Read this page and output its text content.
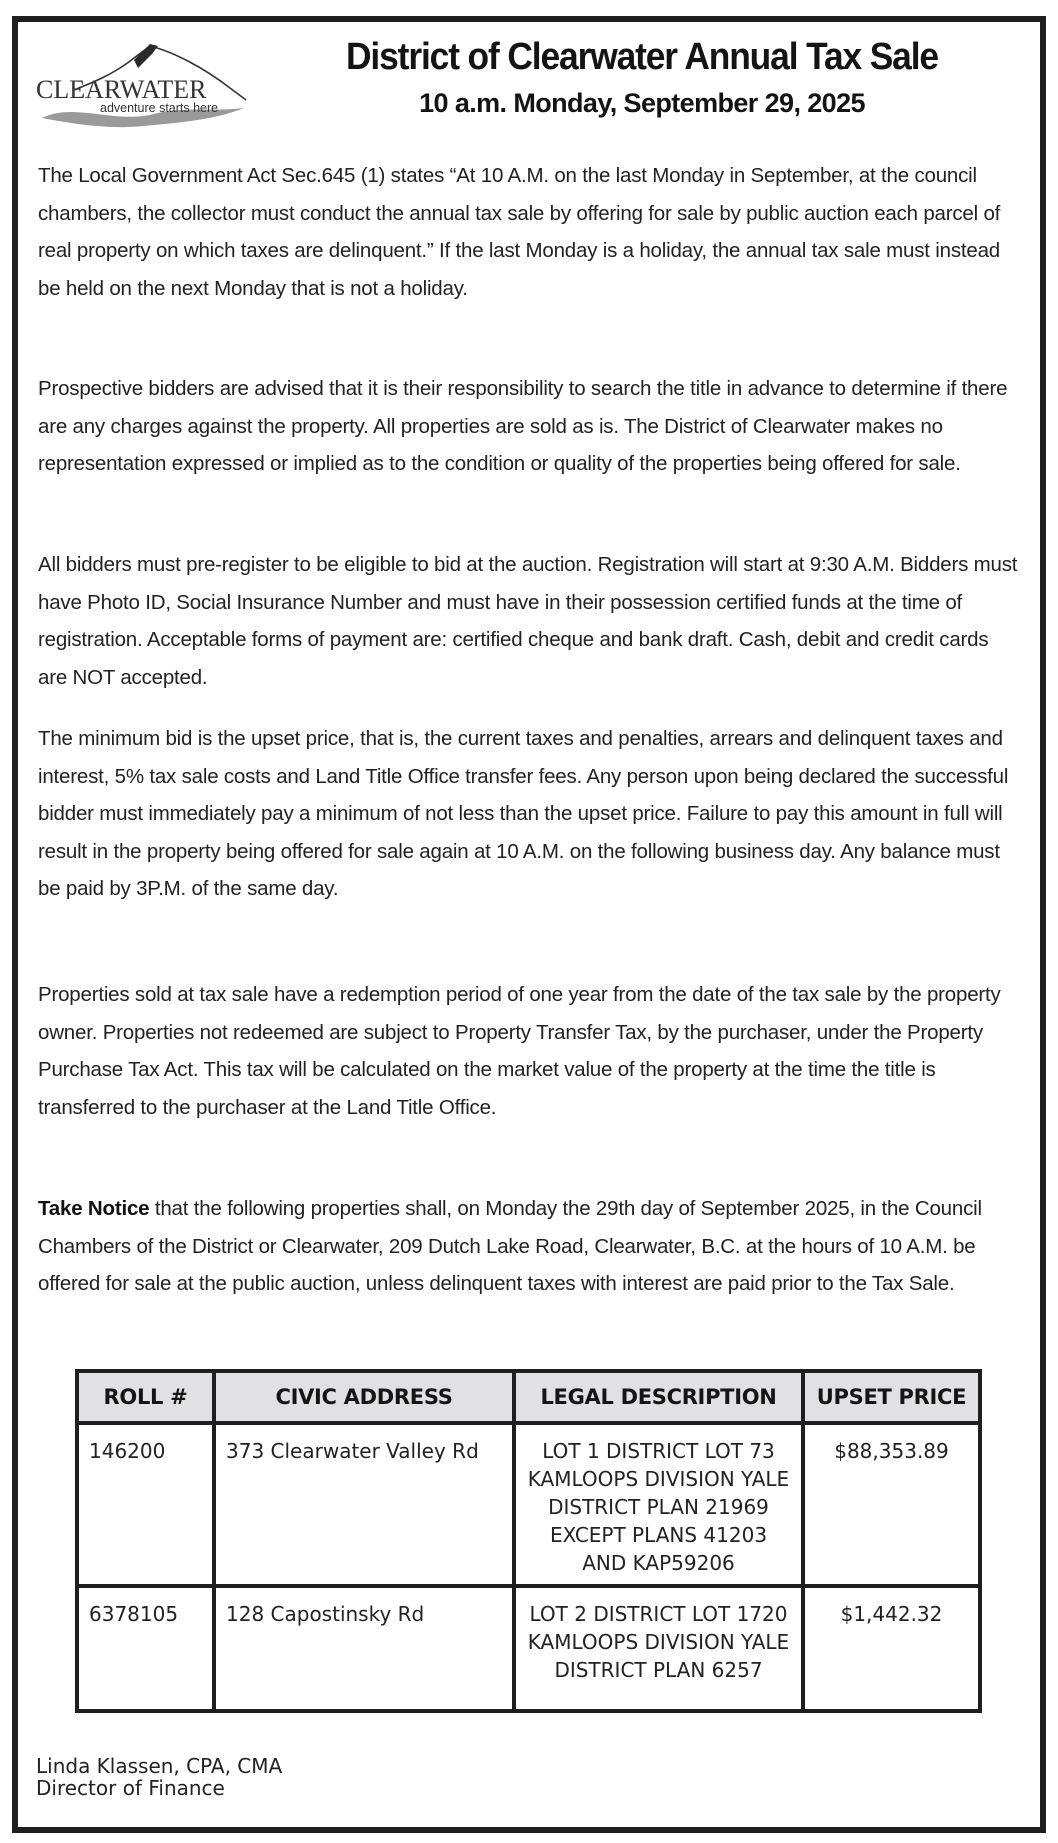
CLEARWATER
adventure starts here
District of Clearwater Annual Tax Sale
10 a.m. Monday, September 29, 2025
The Local Government Act Sec.645 (1) states “At 10 A.M. on the last Monday in September, at the council chambers, the collector must conduct the annual tax sale by offering for sale by public auction each parcel of real property on which taxes are delinquent.” If the last Monday is a holiday, the annual tax sale must instead be held on the next Monday that is not a holiday.
Prospective bidders are advised that it is their responsibility to search the title in advance to determine if there are any charges against the property. All properties are sold as is. The District of Clearwater makes no representation expressed or implied as to the condition or quality of the properties being offered for sale.
All bidders must pre-register to be eligible to bid at the auction. Registration will start at 9:30 A.M. Bidders must have Photo ID, Social Insurance Number and must have in their possession certified funds at the time of registration. Acceptable forms of payment are: certified cheque and bank draft. Cash, debit and credit cards are NOT accepted.
The minimum bid is the upset price, that is, the current taxes and penalties, arrears and delinquent taxes and interest, 5% tax sale costs and Land Title Office transfer fees. Any person upon being declared the successful bidder must immediately pay a minimum of not less than the upset price. Failure to pay this amount in full will result in the property being offered for sale again at 10 A.M. on the following business day. Any balance must be paid by 3P.M. of the same day.
Properties sold at tax sale have a redemption period of one year from the date of the tax sale by the property owner. Properties not redeemed are subject to Property Transfer Tax, by the purchaser, under the Property Purchase Tax Act. This tax will be calculated on the market value of the property at the time the title is transferred to the purchaser at the Land Title Office.
Take Notice that the following properties shall, on Monday the 29th day of September 2025, in the Council Chambers of the District or Clearwater, 209 Dutch Lake Road, Clearwater, B.C. at the hours of 10 A.M. be offered for sale at the public auction, unless delinquent taxes with interest are paid prior to the Tax Sale.
ROLL #	CIVIC ADDRESS	LEGAL DESCRIPTION	UPSET PRICE
146200	373 Clearwater Valley Rd	LOT 1 DISTRICT LOT 73 KAMLOOPS DIVISION YALE DISTRICT PLAN 21969 EXCEPT PLANS 41203 AND KAP59206	$88,353.89
6378105	128 Capostinsky Rd	LOT 2 DISTRICT LOT 1720 KAMLOOPS DIVISION YALE DISTRICT PLAN 6257	$1,442.32
Linda Klassen, CPA, CMA
Director of Finance
